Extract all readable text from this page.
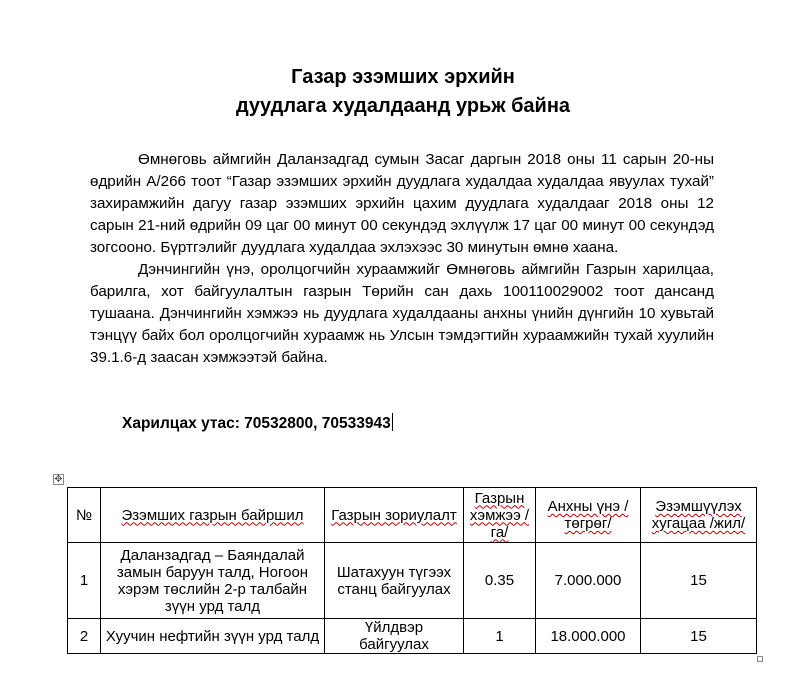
Газар эзэмших эрхийн
дуудлага худалдаанд урьж байна

Өмнөговь аймгийн Даланзадгад сумын Засаг даргын 2018 оны 11 сарын 20-ны өдрийн А/266 тоот “Газар эзэмших эрхийн дуудлага худалдаа худалдаа явуулах тухай” захирамжийн дагуу газар эзэмших эрхийн цахим дуудлага худалдааг 2018 оны 12 сарын 21-ний өдрийн 09 цаг 00 минут 00 секундэд эхлүүлж 17 цаг 00 минут 00 секундэд зогсооно. Бүртгэлийг дуудлага худалдаа эхлэхээс 30 минутын өмнө хаана.

Дэнчингийн үнэ, оролцогчийн хураамжийг Өмнөговь аймгийн Газрын харилцаа, барилга, хот байгуулалтын газрын Төрийн сан дахь 100110029002 тоот дансанд тушаана. Дэнчингийн хэмжээ нь дуудлага худалдааны анхны үнийн дүнгийн 10 хувьтай тэнцүү байх бол оролцогчийн хураамж нь Улсын тэмдэгтийн хураамжийн тухай хуулийн 39.1.6-д заасан хэмжээтэй байна.

Харилцах утас: 70532800, 70533943
✥
№	Эзэмших газрын байршил	Газрын зориулалт	Газрын хэмжээ /га/	Анхны үнэ /төгрөг/	Эзэмшүүлэх хугацаа /жил/
1	Даланзадгад – Баяндалай замын баруун талд, Ногоон хэрэм төслийн 2-р талбайн зүүн урд талд	Шатахуун түгээх станц байгуулах	0.35	7.000.000	15
2	Хуучин нефтийн зүүн урд талд	Үйлдвэр байгуулах	1	18.000.000	15
